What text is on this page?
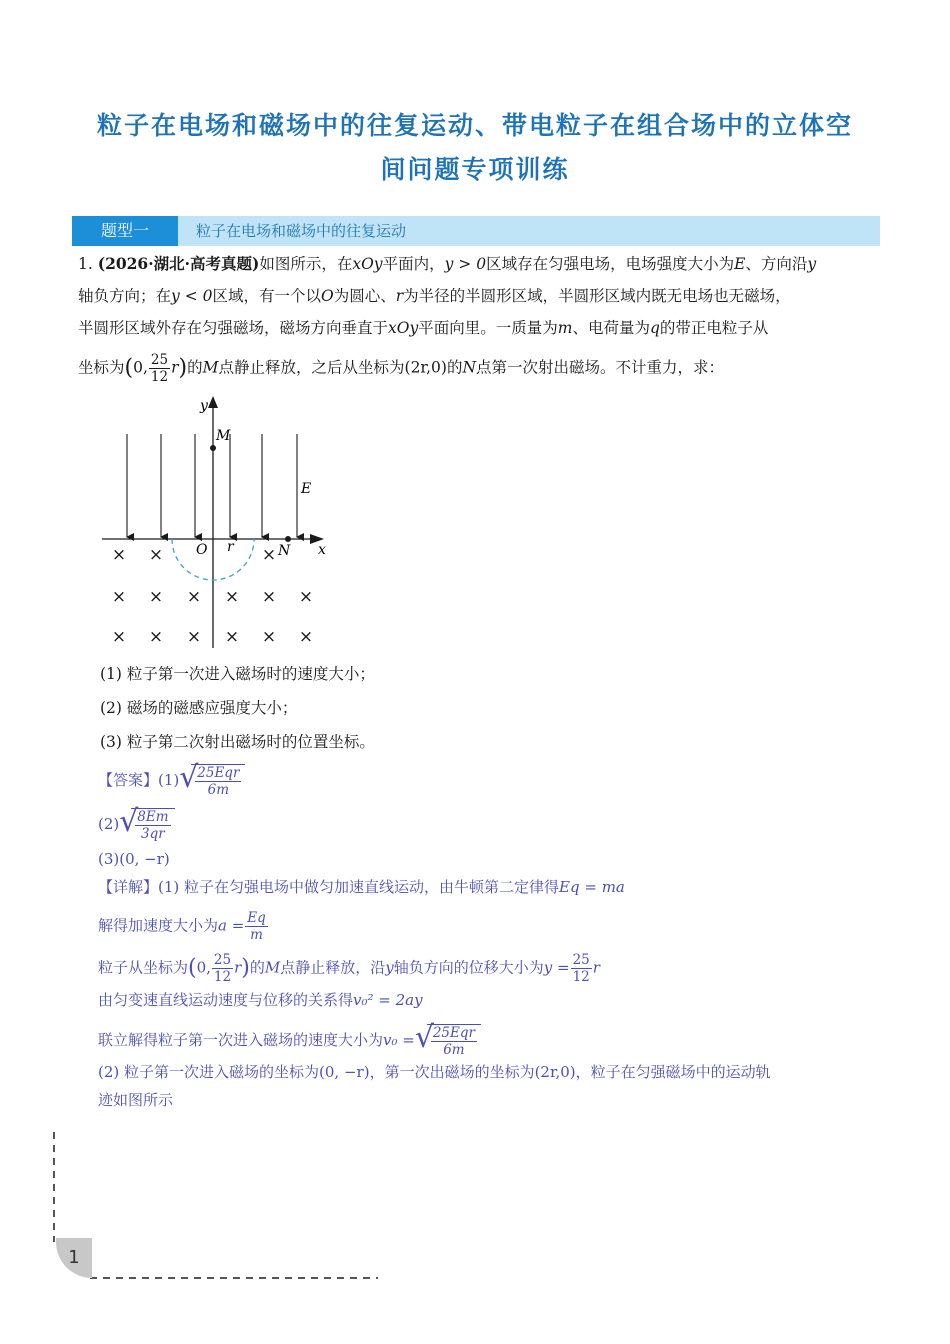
粒子在电场和磁场中的往复运动、带电粒子在组合场中的立体空
间问题专项训练
题型一	粒子在电场和磁场中的往复运动
1. (2026·湖北·高考真题)如图所示，在xOy平面内，y > 0区域存在匀强电场，电场强度大小为E、方向沿y
轴负方向；在y < 0区域，有一个以O为圆心、r为半径的半圆形区域，半圆形区域内既无电场也无磁场，
半圆形区域外存在匀强磁场，磁场方向垂直于xOy平面向里。一质量为m、电荷量为q的带正电粒子从
坐标为(0, $\frac{25}{12} r$)的M点静止释放，之后从坐标为(2r,0)的N点第一次射出磁场。不计重力，求：
y
x
M
E
O r	N
× ×	×
× × × × × ×
× × × × × ×
(1) 粒子第一次进入磁场时的速度大小；
(2) 磁场的磁感应强度大小；
(3) 粒子第二次射出磁场时的位置坐标。
【答案】(1) √
$\frac{\text{25Eqr}}{6m}$
(2) √
$\frac{8Em}{3qr}$
(3)(0, −r)
【详解】(1) 粒子在匀强电场中做匀加速直线运动，由牛顿第二定律得Eq = ma
解得加速度大小为$a = \frac{Eq}{m}$
粒子从坐标为(0, $\frac{25}{12} r$)的M点静止释放，沿y轴负方向的位移大小为$y = \frac{25}{12}$ r
由匀变速直线运动速度与位移的关系得v₀² = 2ay
联立解得粒子第一次进入磁场的速度大小为v₀ = √
$\frac{\text{25Eqr}}{6m}$
(2) 粒子第一次进入磁场的坐标为(0, −r)，第一次出磁场的坐标为(2r,0)，粒子在匀强磁场中的运动轨
迹如图所示
1
